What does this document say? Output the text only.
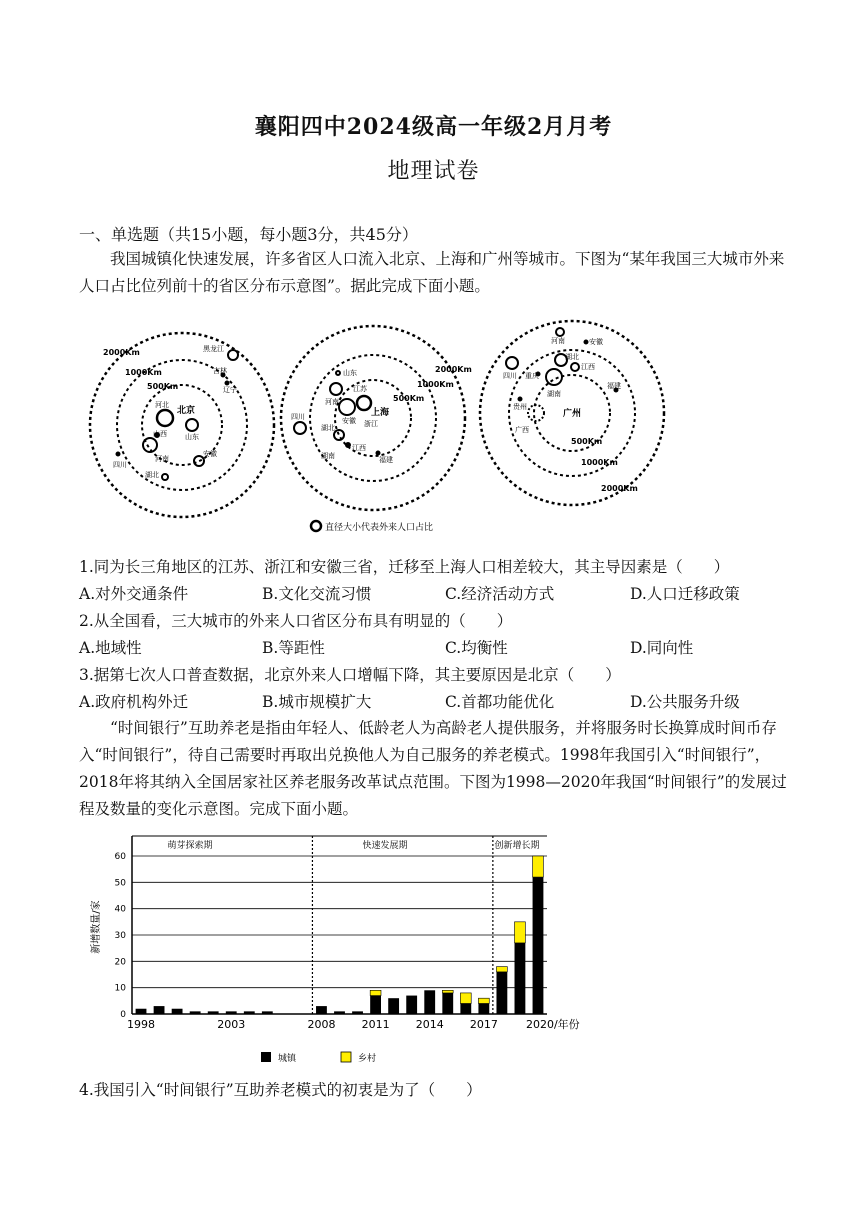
襄阳四中2024级高一年级2月月考
地理试卷
一、单选题（共15小题，每小题3分，共45分）
我国城镇化快速发展，许多省区人口流入北京、上海和广州等城市。下图为“某年我国三大城市外来人口占比位列前十的省区分布示意图”。据此完成下面小题。
2000Km
1000Km
500Km
北京
黑龙江
吉林
辽宁
河北
山西	山东
河南
安徽
四川
湖北
2000Km
1000Km
500Km
上海
山东
江苏
河南
安徽 浙江
湖北
江西
湖南	福建
四川
2000Km
1000Km
500Km
广州
河南	安徽
湖北
四川 重庆
江西
湖南
福建
贵州
广西
直径大小代表外来人口占比
1.同为长三角地区的江苏、浙江和安徽三省，迁移至上海人口相差较大，其主导因素是（　　）
A.对外交通条件	B.文化交流习惯	C.经济活动方式	D.人口迁移政策
2.从全国看，三大城市的外来人口省区分布具有明显的（　　）
A.地域性	B.等距性	C.均衡性	D.同向性
3.据第七次人口普查数据，北京外来人口增幅下降，其主要原因是北京（　　）
A.政府机构外迁	B.城市规模扩大	C.首都功能优化	D.公共服务升级
“时间银行”互助养老是指由年轻人、低龄老人为高龄老人提供服务，并将服务时长换算成时间币存入“时间银行”，待自己需要时再取出兑换他人为自己服务的养老模式。1998年我国引入“时间银行”，2018年将其纳入全国居家社区养老服务改革试点范围。下图为1998—2020年我国“时间银行”的发展过程及数量的变化示意图。完成下面小题。
0
10
20
30
40
50
60
1998	2003	2008 2011 2014 2017	2020/年份
新增数量/家
萌芽探索期	快速发展期	创新增长期
城镇	乡村
4.我国引入“时间银行”互助养老模式的初衷是为了（　　）
